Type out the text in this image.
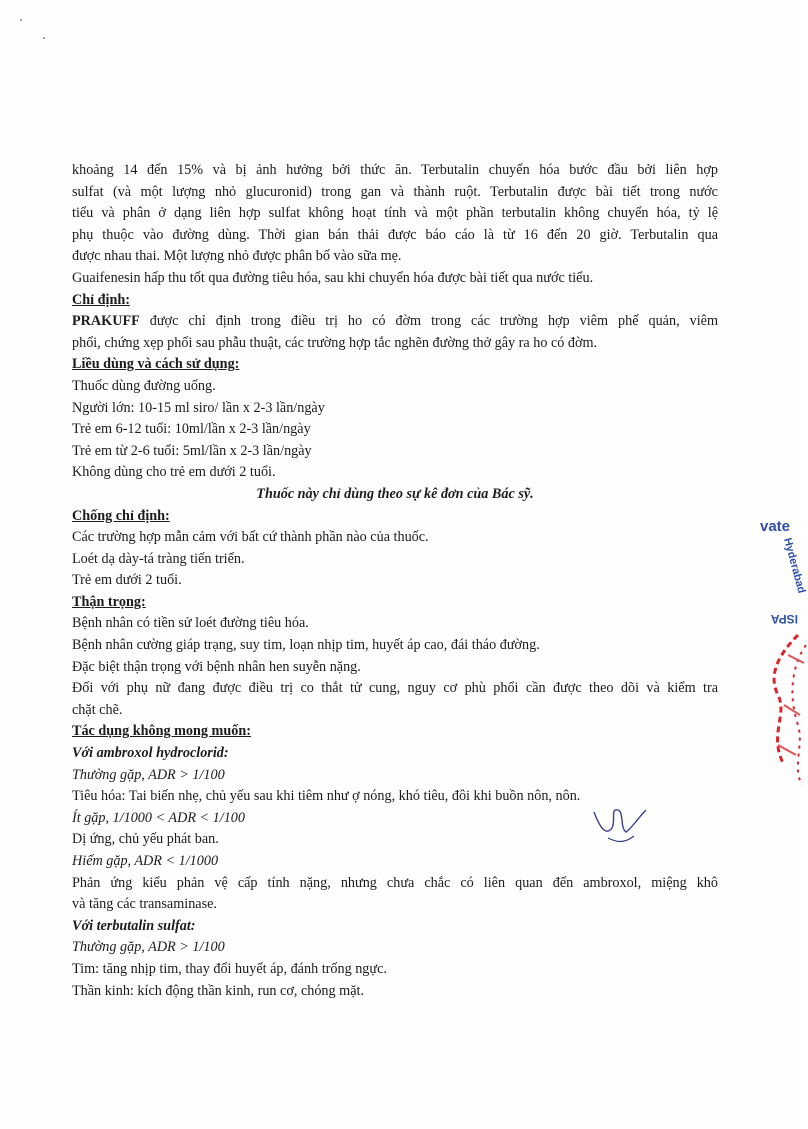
khoảng 14 đến 15% và bị ảnh hưởng bởi thức ăn. Terbutalin chuyển hóa bước đầu bởi liên hợp
sulfat (và một lượng nhỏ glucuronid) trong gan và thành ruột. Terbutalin được bài tiết trong nước
tiểu và phân ở dạng liên hợp sulfat không hoạt tính và một phần terbutalin không chuyển hóa, tỷ lệ
phụ thuộc vào đường dùng. Thời gian bán thải được báo cáo là từ 16 đến 20 giờ. Terbutalin qua
được nhau thai. Một lượng nhỏ được phân bố vào sữa mẹ.
Guaifenesin hấp thu tốt qua đường tiêu hóa, sau khi chuyển hóa được bài tiết qua nước tiểu.
Chỉ định:
PRAKUFF được chỉ định trong điều trị ho có đờm trong các trường hợp viêm phế quản, viêm
phổi, chứng xẹp phổi sau phẫu thuật, các trường hợp tắc nghẽn đường thở gây ra ho có đờm.
Liều dùng và cách sử dụng:
Thuốc dùng đường uống.
Người lớn: 10-15 ml siro/ lần x 2-3 lần/ngày
Trẻ em 6-12 tuổi: 10ml/lần x 2-3 lần/ngày
Trẻ em từ 2-6 tuổi: 5ml/lần x 2-3 lần/ngày
Không dùng cho trẻ em dưới 2 tuổi.
Thuốc này chỉ dùng theo sự kê đơn của Bác sỹ.
Chống chỉ định:
Các trường hợp mẫn cảm với bất cứ thành phần nào của thuốc.
Loét dạ dày-tá tràng tiến triển.
Trẻ em dưới 2 tuổi.
Thận trọng:
Bệnh nhân có tiền sử loét đường tiêu hóa.
Bệnh nhân cường giáp trạng, suy tim, loạn nhịp tim, huyết áp cao, đái tháo đường.
Đặc biệt thận trọng với bệnh nhân hen suyễn nặng.
Đối với phụ nữ đang được điều trị co thắt tử cung, nguy cơ phù phổi cần được theo dõi và kiểm tra
chặt chẽ.
Tác dụng không mong muốn:
Với ambroxol hydroclorid:
Thường gặp, ADR > 1/100
Tiêu hóa: Tai biến nhẹ, chủ yếu sau khi tiêm như ợ nóng, khó tiêu, đôi khi buồn nôn, nôn.
Ít gặp, 1/1000 < ADR < 1/100
Dị ứng, chủ yếu phát ban.
Hiếm gặp, ADR < 1/1000
Phản ứng kiểu phản vệ cấp tính nặng, nhưng chưa chắc có liên quan đến ambroxol, miệng khô
và tăng các transaminase.
Với terbutalin sulfat:
Thường gặp, ADR > 1/100
Tim: tăng nhịp tim, thay đổi huyết áp, đánh trống ngực.
Thần kinh: kích động thần kinh, run cơ, chóng mặt.
vate
Hyderabad
ISPA
